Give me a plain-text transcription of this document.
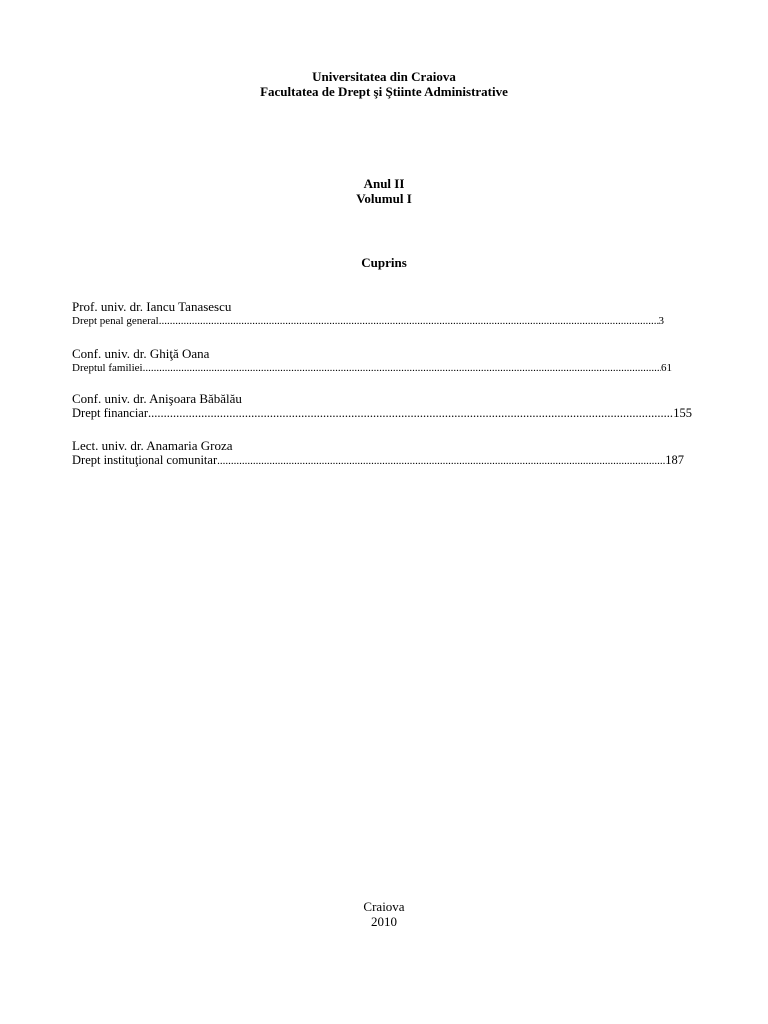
Universitatea din Craiova
Facultatea de Drept şi Ştiinte Administrative
Anul II
Volumul I
Cuprins
Prof. univ. dr. Iancu Tanasescu
Drept penal general .....	3
Conf. univ. dr. Ghiţă Oana
Dreptul familiei .....	61
Conf. univ. dr. Anişoara Băbălău
Drept financiar .....	155
Lect. univ. dr. Anamaria Groza
Drept instituţional comunitar .....	187
Craiova
2010
